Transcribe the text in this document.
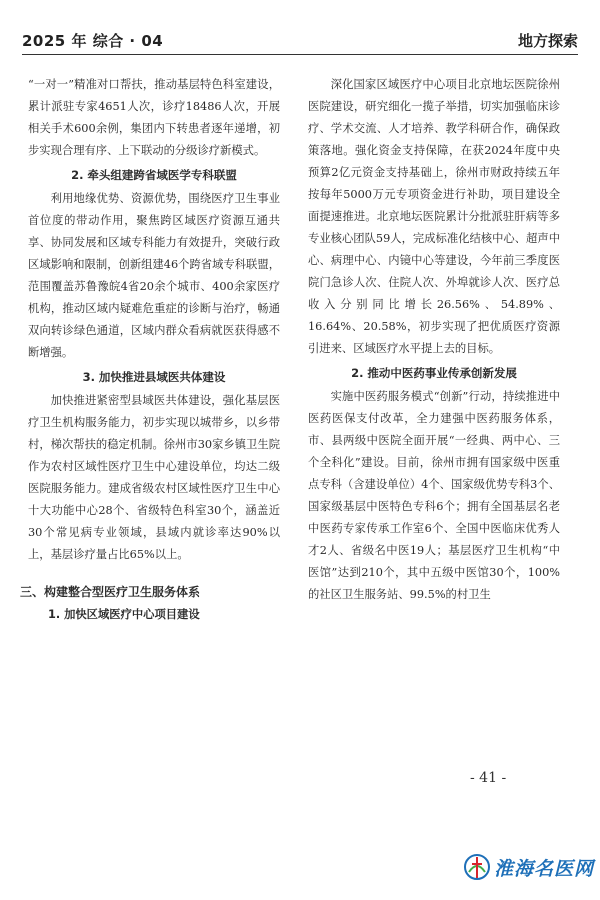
2025 年 综合 · 04	地方探索

“一对一”精准对口帮扶，推动基层特色科室建设，累计派驻专家4651人次，诊疗18486人次，开展相关手术600余例，集团内下转患者逐年递增，初步实现合理有序、上下联动的分级诊疗新模式。

2. 牵头组建跨省域医学专科联盟

利用地缘优势、资源优势，围绕医疗卫生事业首位度的带动作用，聚焦跨区域医疗资源互通共享、协同发展和区域专科能力有效提升，突破行政区域影响和限制，创新组建46个跨省域专科联盟，范围覆盖苏鲁豫皖4省20余个城市、400余家医疗机构，推动区域内疑难危重症的诊断与治疗，畅通双向转诊绿色通道，区域内群众看病就医获得感不断增强。

3. 加快推进县域医共体建设

加快推进紧密型县域医共体建设，强化基层医疗卫生机构服务能力，初步实现以城带乡，以乡带村，梯次帮扶的稳定机制。徐州市30家乡镇卫生院作为农村区域性医疗卫生中心建设单位，均达二级医院服务能力。建成省级农村区域性医疗卫生中心十大功能中心28个、省级特色科室30个，涵盖近30个常见病专业领域，县域内就诊率达90%以上，基层诊疗量占比65%以上。

三、构建整合型医疗卫生服务体系
1. 加快区域医疗中心项目建设

深化国家区域医疗中心项目北京地坛医院徐州医院建设，研究细化一揽子举措，切实加强临床诊疗、学术交流、人才培养、教学科研合作，确保政策落地。强化资金支持保障，在获2024年度中央预算2亿元资金支持基础上，徐州市财政持续五年按每年5000万元专项资金进行补助，项目建设全面提速推进。北京地坛医院累计分批派驻肝病等多专业核心团队59人，完成标准化结核中心、超声中心、病理中心、内镜中心等建设，今年前三季度医院门急诊人次、住院人次、外埠就诊人次、医疗总收入分别同比增长26.56%、54.89%、16.64%、20.58%，初步实现了把优质医疗资源引进来、区域医疗水平提上去的目标。

2. 推动中医药事业传承创新发展

实施中医药服务模式“创新”行动，持续推进中医药医保支付改革，全力建强中医药服务体系，市、县两级中医院全面开展“一经典、两中心、三个全科化”建设。目前，徐州市拥有国家级中医重点专科（含建设单位）4个、国家级优势专科3个、国家级基层中医特色专科6个；拥有全国基层名老中医药专家传承工作室6个、全国中医临床优秀人才2人、省级名中医19人；基层医疗卫生机构“中医馆”达到210个，其中五级中医馆30个，100%的社区卫生服务站、99.5%的村卫生

- 41 -
淮海名医网
